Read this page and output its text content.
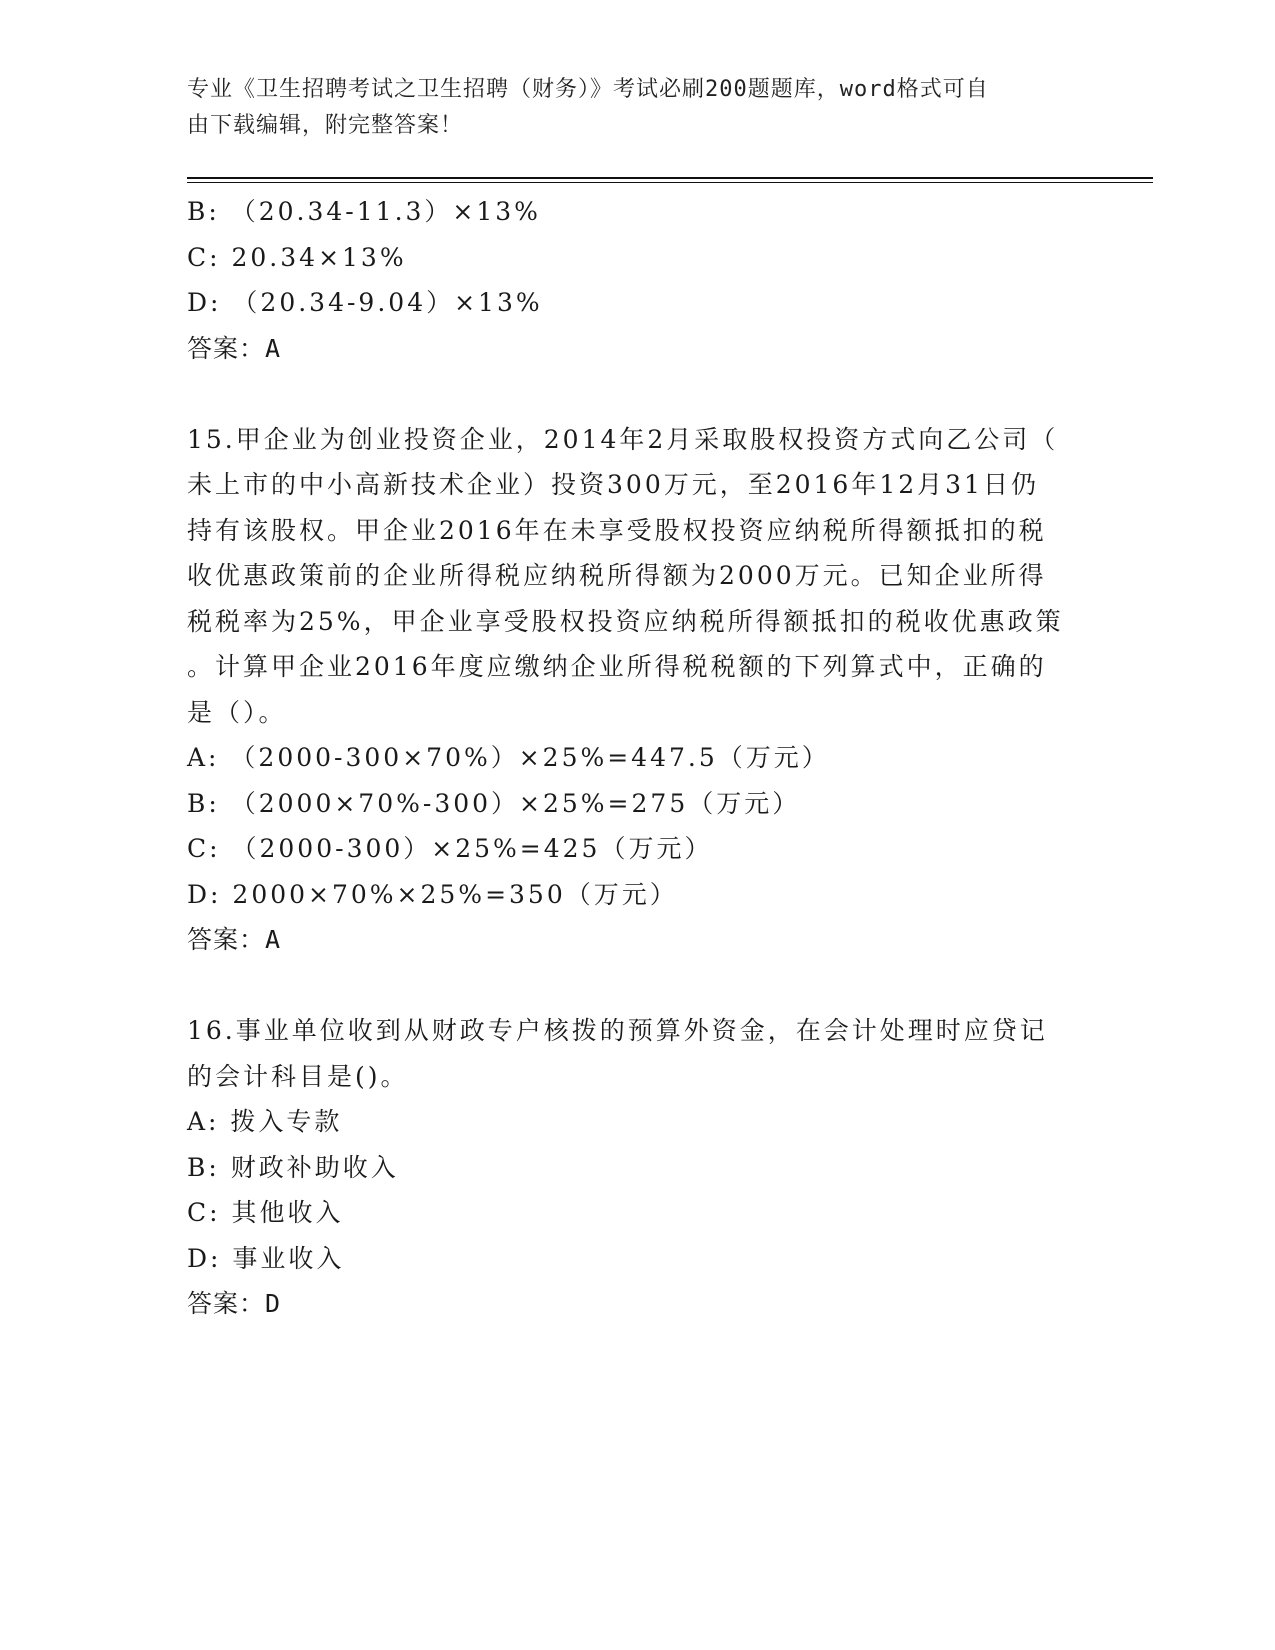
专业《卫生招聘考试之卫生招聘（财务）》考试必刷200题题库，word格式可自
由下载编辑，附完整答案！
B: （20.34-11.3）×13%
C: 20.34×13%
D: （20.34-9.04）×13%
答案：A
15.甲企业为创业投资企业，2014年2月采取股权投资方式向乙公司（
未上市的中小高新技术企业）投资300万元，至2016年12月31日仍
持有该股权。甲企业2016年在未享受股权投资应纳税所得额抵扣的税
收优惠政策前的企业所得税应纳税所得额为2000万元。已知企业所得
税税率为25%，甲企业享受股权投资应纳税所得额抵扣的税收优惠政策
。计算甲企业2016年度应缴纳企业所得税税额的下列算式中，正确的
是（）。
A: （2000-300×70%）×25%=447.5（万元）
B: （2000×70%-300）×25%=275（万元）
C: （2000-300）×25%=425（万元）
D: 2000×70%×25%=350（万元）
答案：A
16.事业单位收到从财政专户核拨的预算外资金，在会计处理时应贷记
的会计科目是()。
A: 拨入专款
B: 财政补助收入
C: 其他收入
D: 事业收入
答案：D
